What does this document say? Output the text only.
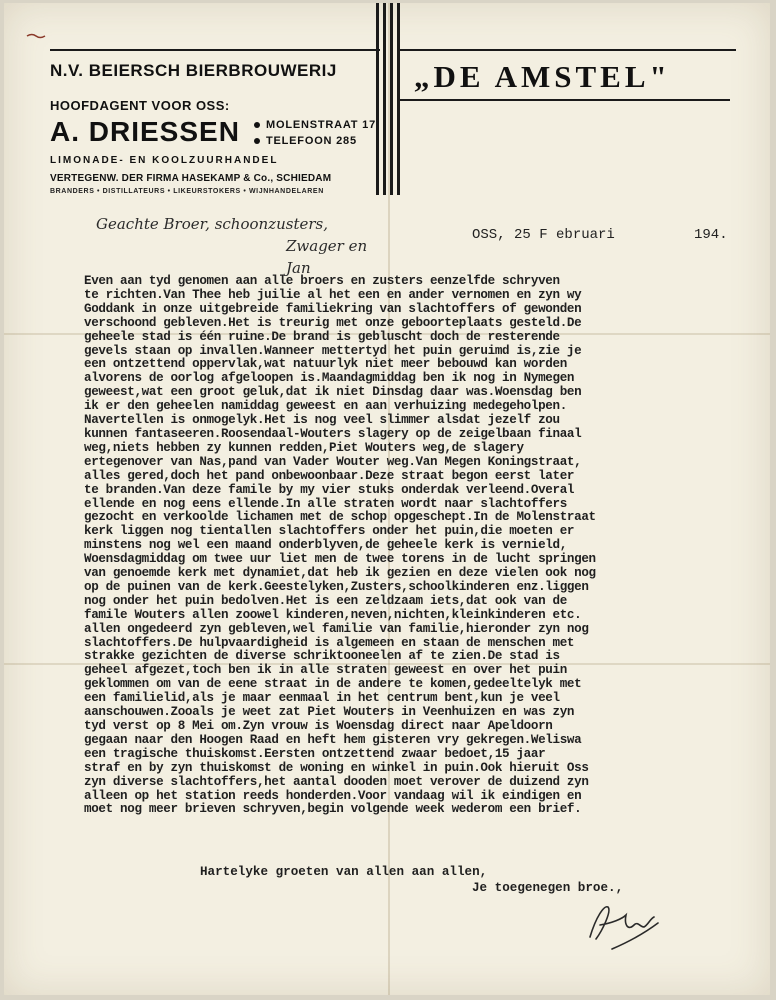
N.V. BEIERSCH BIERBROUWERIJ „DE AMSTEL"
HOOFDAGENT VOOR OSS:
A. DRIESSEN	MOLENSTRAAT 17
TELEFOON 285
LIMONADE- EN KOOLZUURHANDEL
VERTEGENW. DER FIRMA HASEKAMP & Co., SCHIEDAM
BRANDERS • DISTILLATEURS • LIKEURSTOKERS • WIJNHANDELAREN
Geachte Broer, schoonzusters,
Zwager en Jan
OSS, 25 F ebruari	194.
Even aan tyd genomen aan alle broers en zusters eenzelfde schryven
te richten.Van Thee heb juilie al het een en ander vernomen en zyn wy
Goddank in onze uitgebreide familiekring van slachtoffers of gewonden
verschoond gebleven.Het is treurig met onze geboorteplaats gesteld.De
geheele stad is één ruine.De brand is gebluscht doch de resterende
gevels staan op invallen.Wanneer mettertyd het puin geruimd is,zie je
een ontzettend oppervlak,wat natuurlyk niet meer bebouwd kan worden
alvorens de oorlog afgeloopen is.Maandagmiddag ben ik nog in Nymegen
geweest,wat een groot geluk,dat ik niet Dinsdag daar was.Woensdag ben
ik er den geheelen namiddag geweest en aan verhuizing medegeholpen.
Navertellen is onmogelyk.Het is nog veel slimmer alsdat jezelf zou
kunnen fantaseeren.Roosendaal-Wouters slagery op de zeigelbaan finaal
weg,niets hebben zy kunnen redden,Piet Wouters weg,de slagery
ertegenover van Nas,pand van Vader Wouter weg.Van Megen Koningstraat,
alles gered,doch het pand onbewoonbaar.Deze straat begon eerst later
te branden.Van deze famile by my vier stuks onderdak verleend.Overal
ellende en nog eens ellende.In alle straten wordt naar slachtoffers
gezocht en verkoolde lichamen met de schop opgeschept.In de Molenstraat
kerk liggen nog tientallen slachtoffers onder het puin,die moeten er
minstens nog wel een maand onderblyven,de geheele kerk is vernield,
Woensdagmiddag om twee uur liet men de twee torens in de lucht springen
van genoemde kerk met dynamiet,dat heb ik gezien en deze vielen ook nog
op de puinen van de kerk.Geestelyken,Zusters,schoolkinderen enz.liggen
nog onder het puin bedolven.Het is een zeldzaam iets,dat ook van de
famile Wouters allen zoowel kinderen,neven,nichten,kleinkinderen etc.
allen ongedeerd zyn gebleven,wel familie van familie,hieronder zyn nog
slachtoffers.De hulpvaardigheid is algemeen en staan de menschen met
strakke gezichten de diverse schriktooneelen af te zien.De stad is
geheel afgezet,toch ben ik in alle straten geweest en over het puin
geklommen om van de eene straat in de andere te komen,gedeeltelyk met
een familielid,als je maar eenmaal in het centrum bent,kun je veel
aanschouwen.Zooals je weet zat Piet Wouters in Veenhuizen en was zyn
tyd verst op 8 Mei om.Zyn vrouw is Woensdag direct naar Apeldoorn
gegaan naar den Hoogen Raad en heft hem gisteren vry gekregen.Weliswa
een tragische thuiskomst.Eersten ontzettend zwaar bedoet,15 jaar
straf en by zyn thuiskomst de woning en winkel in puin.Ook hieruit Oss
zyn diverse slachtoffers,het aantal dooden moet verover de duizend zyn
alleen op het station reeds honderden.Voor vandaag wil ik eindigen en
moet nog meer brieven schryven,begin volgende week wederom een brief.
Hartelyke groeten van allen aan allen,
Je toegenegen broe.,
